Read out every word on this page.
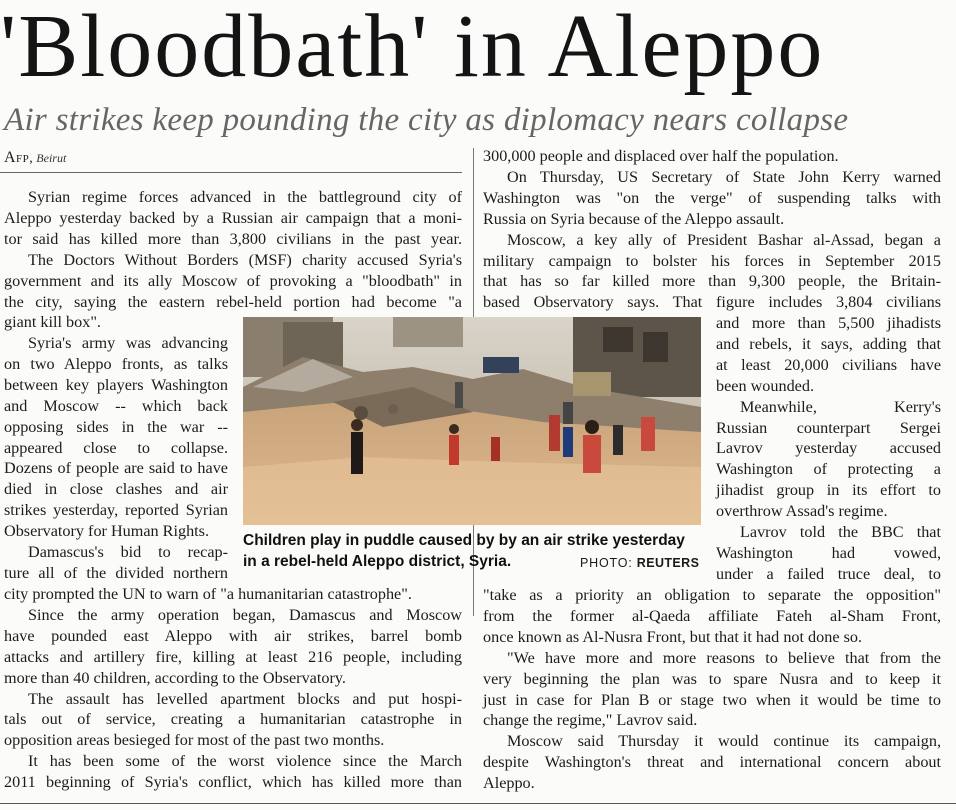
'Bloodbath' in Aleppo
Air strikes keep pounding the city as diplomacy nears collapse
Afp, Beirut
Syrian regime forces advanced in the battleground city of
Aleppo yesterday backed by a Russian air campaign that a moni-
tor said has killed more than 3,800 civilians in the past year.
The Doctors Without Borders (MSF) charity accused Syria's
government and its ally Moscow of provoking a "bloodbath" in
the city, saying the eastern rebel-held portion had become "a
giant kill box".
Syria's army was advancing
on two Aleppo fronts, as talks
between key players Washington
and Moscow -- which back
opposing sides in the war --
appeared close to collapse.
Dozens of people are said to have
died in close clashes and air
strikes yesterday, reported Syrian
Observatory for Human Rights.
Damascus's bid to recap-
ture all of the divided northern
city prompted the UN to warn of "a humanitarian catastrophe".
Since the army operation began, Damascus and Moscow
have pounded east Aleppo with air strikes, barrel bomb
attacks and artillery fire, killing at least 216 people, including
more than 40 children, according to the Observatory.
The assault has levelled apartment blocks and put hospi-
tals out of service, creating a humanitarian catastrophe in
opposition areas besieged for most of the past two months.
It has been some of the worst violence since the March
2011 beginning of Syria's conflict, which has killed more than
300,000 people and displaced over half the population.
On Thursday, US Secretary of State John Kerry warned
Washington was "on the verge" of suspending talks with
Russia on Syria because of the Aleppo assault.
Moscow, a key ally of President Bashar al-Assad, began a
military campaign to bolster his forces in September 2015
that has so far killed more than 9,300 people, the Britain-
based Observatory says. That figure includes 3,804 civilians
and more than 5,500 jihadists
and rebels, it says, adding that
at least 20,000 civilians have
been wounded.
Meanwhile, Kerry's
Russian counterpart Sergei
Lavrov yesterday accused
Washington of protecting a
jihadist group in its effort to
overthrow Assad's regime.
Lavrov told the BBC that
Washington had vowed,
under a failed truce deal, to
"take as a priority an obligation to separate the opposition"
from the former al-Qaeda affiliate Fateh al-Sham Front,
once known as Al-Nusra Front, but that it had not done so.
"We have more and more reasons to believe that from the
very beginning the plan was to spare Nusra and to keep it
just in case for Plan B or stage two when it would be time to
change the regime," Lavrov said.
Moscow said Thursday it would continue its campaign,
despite Washington's threat and international concern about
Aleppo.
Children play in puddle caused by by an air strike yesterday
in a rebel-held Aleppo district, Syria.	PHOTO: REUTERS
